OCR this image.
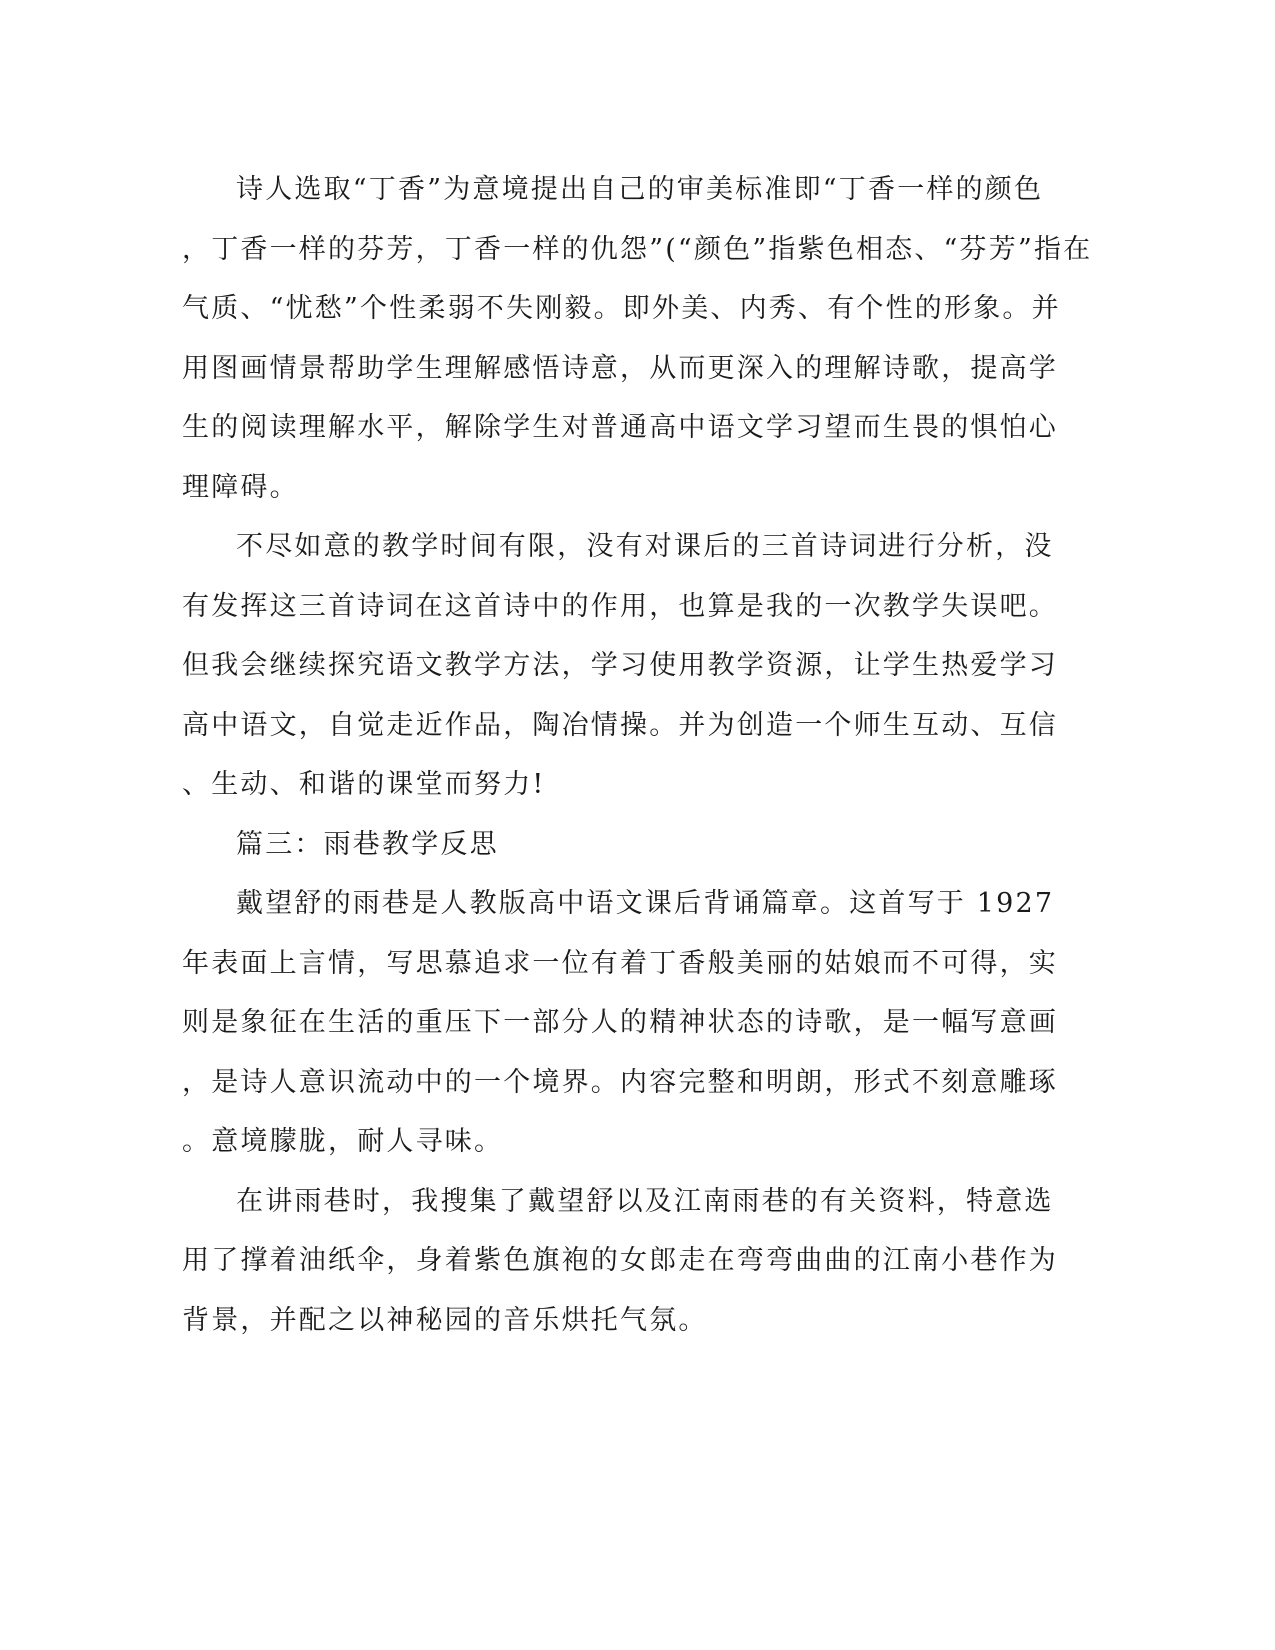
诗人选取“丁香”为意境提出自己的审美标准即“丁香一样的颜色
，丁香一样的芬芳，丁香一样的仇怨”(“颜色”指紫色相态、“芬芳”指在
气质、“忧愁”个性柔弱不失刚毅。即外美、内秀、有个性的形象。并
用图画情景帮助学生理解感悟诗意，从而更深入的理解诗歌，提高学
生的阅读理解水平，解除学生对普通高中语文学习望而生畏的惧怕心
理障碍。

不尽如意的教学时间有限，没有对课后的三首诗词进行分析，没
有发挥这三首诗词在这首诗中的作用，也算是我的一次教学失误吧。
但我会继续探究语文教学方法，学习使用教学资源，让学生热爱学习
高中语文，自觉走近作品，陶冶情操。并为创造一个师生互动、互信
、生动、和谐的课堂而努力!

篇三：雨巷教学反思

戴望舒的雨巷是人教版高中语文课后背诵篇章。这首写于 1927
年表面上言情，写思慕追求一位有着丁香般美丽的姑娘而不可得，实
则是象征在生活的重压下一部分人的精神状态的诗歌，是一幅写意画
，是诗人意识流动中的一个境界。内容完整和明朗，形式不刻意雕琢
。意境朦胧，耐人寻味。

在讲雨巷时，我搜集了戴望舒以及江南雨巷的有关资料，特意选
用了撑着油纸伞，身着紫色旗袍的女郎走在弯弯曲曲的江南小巷作为
背景，并配之以神秘园的音乐烘托气氛。
